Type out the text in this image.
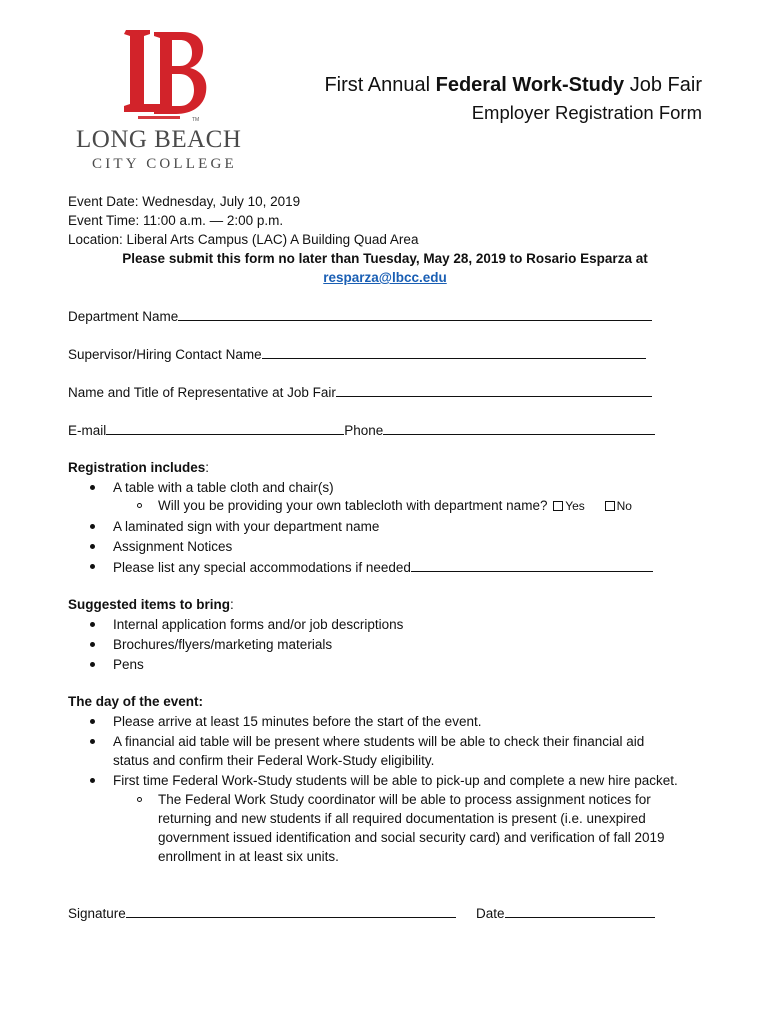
TM
LONG BEACH
CITY COLLEGE
First Annual Federal Work-Study Job Fair
Employer Registration Form
Event Date: Wednesday, July 10, 2019
Event Time: 11:00 a.m. — 2:00 p.m.
Location: Liberal Arts Campus (LAC) A Building Quad Area
Please submit this form no later than Tuesday, May 28, 2019 to Rosario Esparza at
resparza@lbcc.edu
Department Name
Supervisor/Hiring Contact Name
Name and Title of Representative at Job Fair
E-mail	Phone
Registration includes:
A table with a table cloth and chair(s)
Will you be providing your own tablecloth with department name? Yes	No
A laminated sign with your department name
Assignment Notices
Please list any special accommodations if needed
Suggested items to bring:
Internal application forms and/or job descriptions
Brochures/flyers/marketing materials
Pens
The day of the event:
Please arrive at least 15 minutes before the start of the event.
A financial aid table will be present where students will be able to check their financial aid
status and confirm their Federal Work-Study eligibility.
First time Federal Work-Study students will be able to pick-up and complete a new hire packet.
The Federal Work Study coordinator will be able to process assignment notices for
returning and new students if all required documentation is present (i.e. unexpired
government issued identification and social security card) and verification of fall 2019
enrollment in at least six units.
Signature	Date
